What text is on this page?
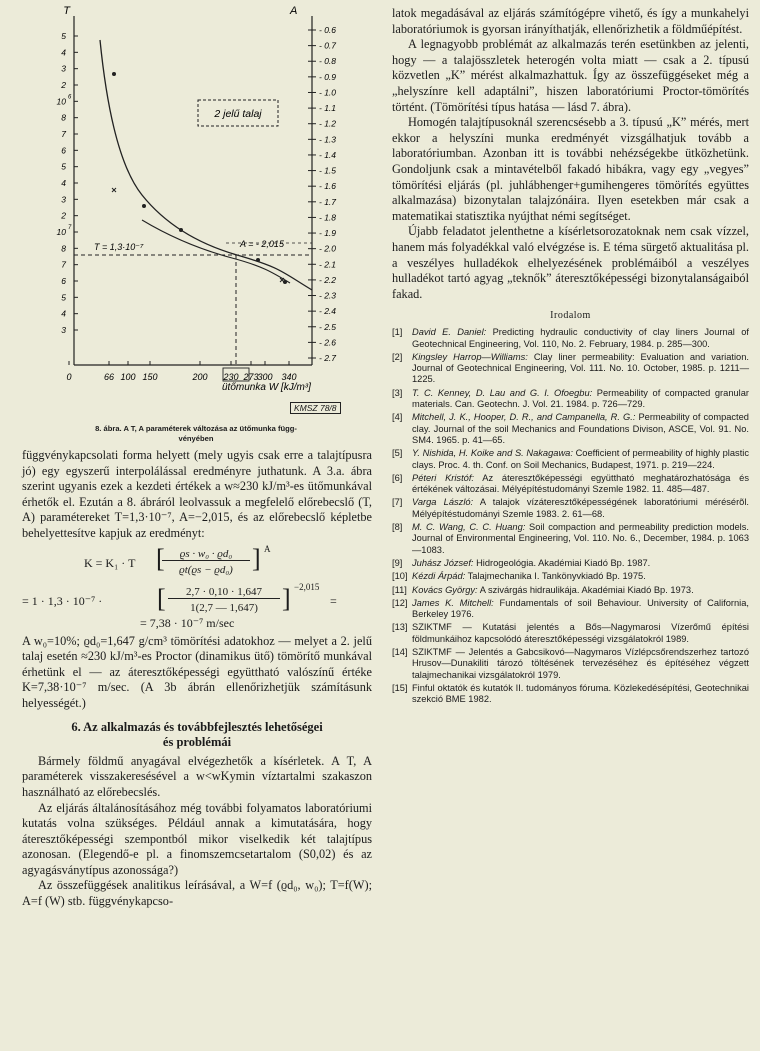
T	A
5
4
3
2
10 6
8
7
6
5
4
3
2
10 7
8
7
6
5
4
3
- 0.6
- 0.7
- 0.8
- 0.9
- 1.0
- 1.1
- 1.2
- 1.3
- 1.4
- 1.5
- 1.6
- 1.7
- 1.8
- 1.9
- 2.0
- 2.1
- 2.2
- 2.3
- 2.4
- 2.5
- 2.6
- 2.7
0	66 100 150	200 230 273
300 340
T = 1,3·10⁻⁷	A = - 2,015
2 jelű talaj
ütőmunka W [kJ/m³]
KMSZ 78/8
8. ábra. A T, A paraméterek változása az ütőmunka függ-
vényében

függvénykapcsolati forma helyett (mely ugyis csak erre a talajtípusra jó) egy egyszerű interpolálással eredményre juthatunk. A 3.a. ábra szerint ugyanis ezek a kezdeti értékek a w≈230 kJ/m³-es ütőmunkával érhetők el. Ezután a 8. ábráról leolvassuk a megfelelő előrebecslő (T, A) paramétereket T=1,3·10⁻⁷, A=−2,015, és az előrebecslő képletbe behelyettesítve kapjuk az eredményt:

K = K₁ · T
ϱs · w₀ · ϱd₀
ϱt(ϱs − ϱd₀)
[	] A
= 1 · 1,3 · 10⁻⁷ · [	2,7 · 0,10 · 1,647
1(2,7 — 1,647) ] −2,015
=
= 7,38 · 10⁻⁷ m/sec

A w₀=10%; ϱd₀=1,647 g/cm³ tömörítési adatokhoz — melyet a 2. jelű talaj esetén ≈230 kJ/m³-es Proctor (dinamikus ütő) tömörítő munkával érhetünk el — az áteresztőképességi együttható valószínű értéke K=7,38·10⁻⁷ m/sec. (A 3b ábrán ellenőrizhetjük számításunk helyességét.)

6. Az alkalmazás és továbbfejlesztés lehetőségei

és problémái

Bármely földmű anyagával elvégezhetők a kísérletek. A T, A paraméterek visszakeresésével a w<wKymin víztartalmi szakaszon használható az előrebecslés.

Az eljárás általánosításához még további folyamatos laboratóriumi kutatás volna szükséges. Például annak a kimutatására, hogy áteresztőképességi szempontból mikor viselkedik két talajtípus azonosan. (Elegendő-e pl. a finomszemcsetartalom (S0,02) és az agyagásványtípus azonossága?)

Az összefüggések analitikus leírásával, a W=f (ϱd₀, w₀); T=f(W); A=f (W) stb. függvénykapcso-

latok megadásával az eljárás számítógépre vihető, és így a munkahelyi laboratóriumok is gyorsan irányíthatják, ellenőrizhetik a földműépítést.

A legnagyobb problémát az alkalmazás terén esetünkben az jelenti, hogy — a talajösszletek heterogén volta miatt — csak a 2. típusú közvetlen „K” mérést alkalmazhattuk. Így az összefüggéseket még a „helyszínre kell adaptálni”, hiszen laboratóriumi Proctor-tömörítés történt. (Tömörítési típus hatása — lásd 7. ábra).

Homogén talajtípusoknál szerencsésebb a 3. típusú „K” mérés, mert ekkor a helyszíni munka eredményét vizsgálhatjuk tovább a laboratóriumban. Azonban itt is további nehézségekbe ütközhetünk. Gondoljunk csak a mintavételből fakadó hibákra, vagy egy „vegyes” tömörítési eljárás (pl. juhlábhenger+gumihengeres tömörítés együttes alkalmazása) bizonytalan talajzónáira. Ilyen esetekben már csak a matematikai statisztika nyújthat némi segítséget.

Újabb feladatot jelenthetne a kísérletsorozatoknak nem csak vízzel, hanem más folyadékkal való elvégzése is. E téma sürgető aktualitása pl. a veszélyes hulladékok elhelyezésének problémáiból a veszélyes hulladékot tartó agyag „teknők” áteresztőképességi bizonytalanságaiból fakad.

Irodalom
[1]	David E. Daniel: Predicting hydraulic conductivity of clay liners Journal of Geotechnical Engineering, Vol. 110, No. 2. February, 1984. p. 285—300.
[2]	Kingsley Harrop—Williams: Clay liner permeability: Evaluation and variation. Journal of Geotechnical Engineering, Vol. 111. No. 10. October, 1985. p. 1211—1225.
[3]	T. C. Kenney, D. Lau and G. I. Ofoegbu: Permeability of compacted granular materials. Can. Geotechn. J. Vol. 21. 1984. p. 726—729.
[4]	Mitchell, J. K., Hooper, D. R., and Campanella, R. G.: Permeability of compacted clay. Journal of the soil Mechanics and Foundations Divison, ASCE, Vol. 91. No. SM4. 1965. p. 41—65.
[5]	Y. Nishida, H. Koike and S. Nakagawa: Coefficient of permeability of highly plastic clays. Proc. 4. th. Conf. on Soil Mechanics, Budapest, 1971. p. 219—224.
[6]	Péteri Kristóf: Az áteresztőképességi együttható meghatározhatósága és értékének változásai. Mélyépítéstudományi Szemle 1982. 11. 485—487.
[7]	Varga László: A talajok vízáteresztőképességének laboratóriumi mérésérõl. Mélyépítéstudományi Szemle 1983. 2. 61—68.
[8]	M. C. Wang, C. C. Huang: Soil compaction and permeability prediction models. Journal of Environmental Engineering, Vol. 110. No. 6., December, 1984. p. 1063—1083.
[9]	Juhász József: Hidrogeológia. Akadémiai Kiadó Bp. 1987.
[10] Kézdi Árpád: Talajmechanika I. Tankönyvkiadó Bp. 1975.
[11] Kovács György: A szivárgás hidraulikája. Akadémiai Kiadó Bp. 1973.
[12] James K. Mitchell: Fundamentals of soil Behaviour. University of California, Berkeley 1976.
[13] SZIKTMF — Kutatási jelentés a Bős—Nagymarosi Vízerőmű építési földmunkáihoz kapcsolódó áteresztőképességi vizsgálatokról 1989.
[14] SZIKTMF — Jelentés a Gabcsikovó—Nagymaros Vízlépcsőrendszerhez tartozó Hrusov—Dunakiliti tározó töltésének tervezéséhez és építéséhez végzett talajmechanikai vizsgálatokról 1979.
[15] Finful oktatók és kutatók II. tudományos fóruma. Közlekedésépítési, Geotechnikai szekció BME 1982.
